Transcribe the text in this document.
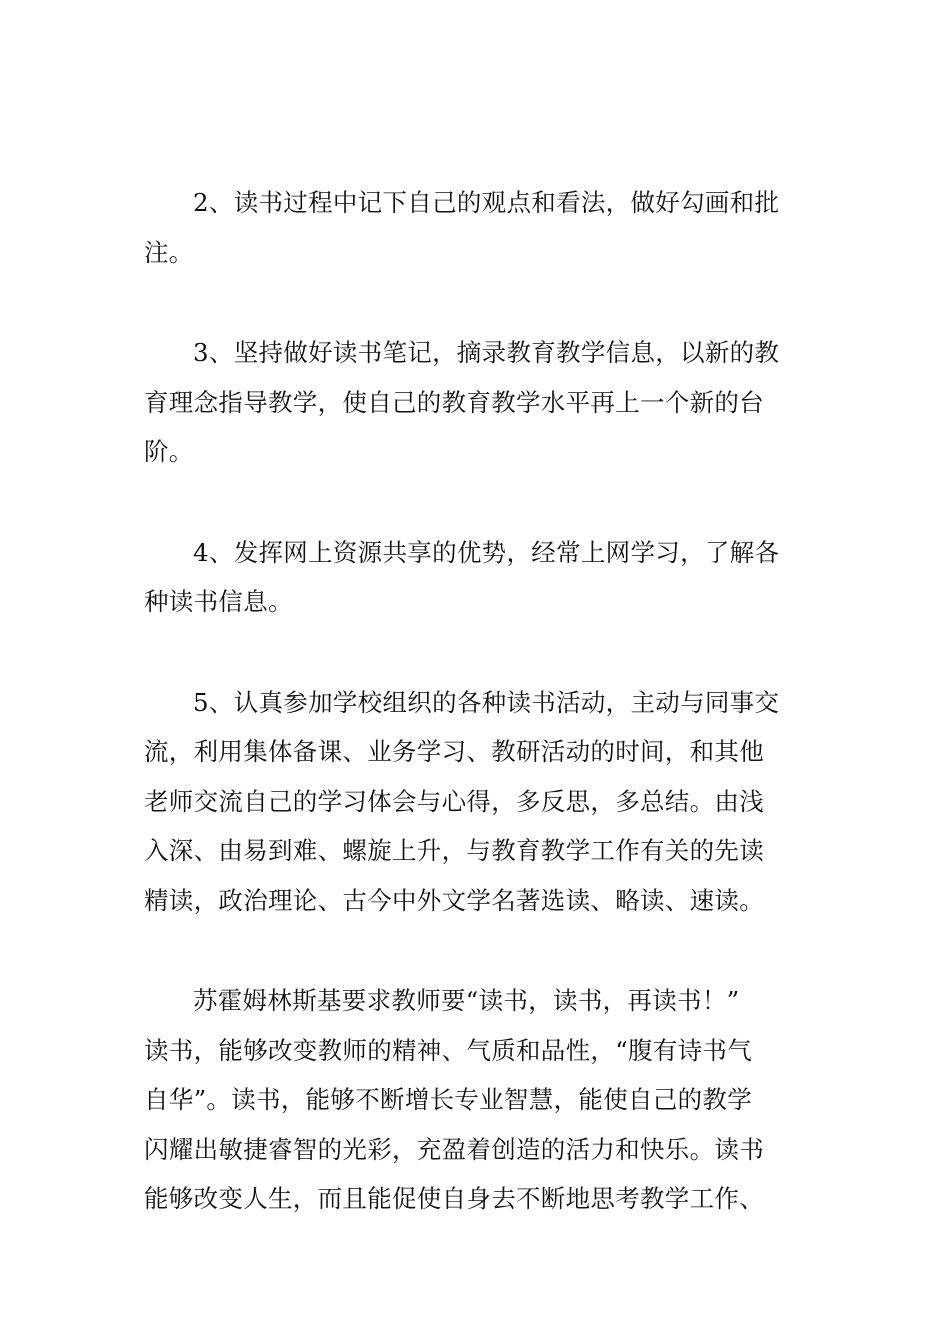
2、读书过程中记下自己的观点和看法，做好勾画和批
注。

3、坚持做好读书笔记，摘录教育教学信息，以新的教
育理念指导教学，使自己的教育教学水平再上一个新的台
阶。

4、发挥网上资源共享的优势，经常上网学习，了解各
种读书信息。

5、认真参加学校组织的各种读书活动，主动与同事交
流，利用集体备课、业务学习、教研活动的时间，和其他
老师交流自己的学习体会与心得，多反思，多总结。由浅
入深、由易到难、螺旋上升，与教育教学工作有关的先读
精读，政治理论、古今中外文学名著选读、略读、速读。

苏霍姆林斯基要求教师要“读书，读书，再读书！”
读书，能够改变教师的精神、气质和品性，“腹有诗书气
自华”。读书，能够不断增长专业智慧，能使自己的教学
闪耀出敏捷睿智的光彩，充盈着创造的活力和快乐。读书
能够改变人生，而且能促使自身去不断地思考教学工作、
